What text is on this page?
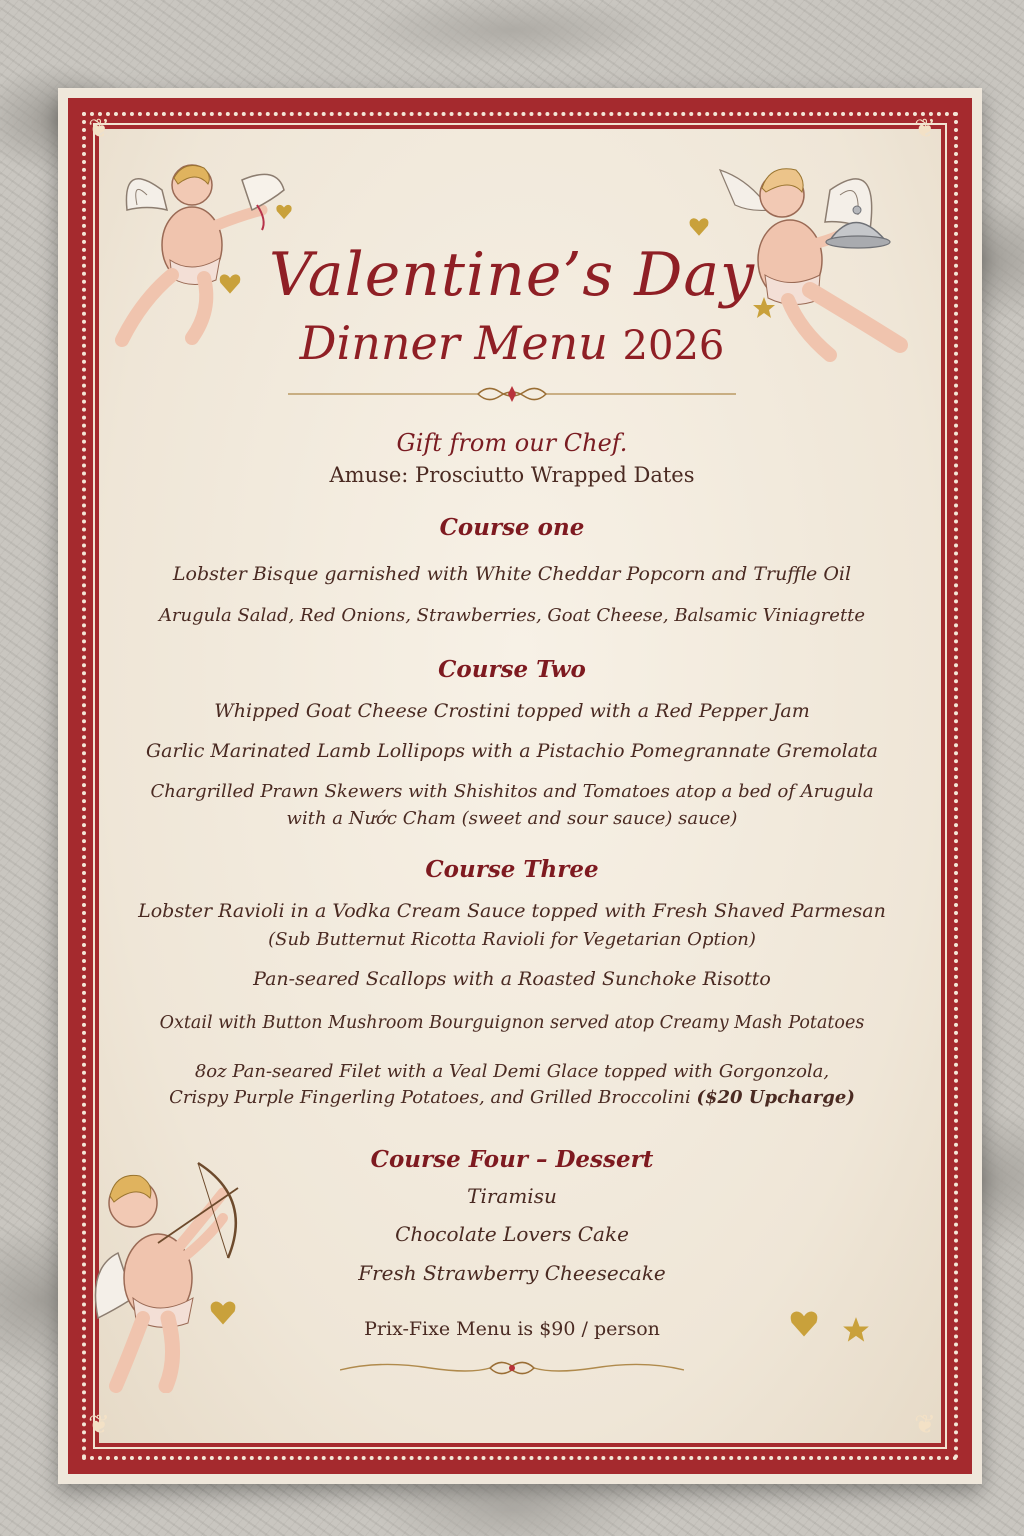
❦	❦
❦	❦
Valentine’s Day
Dinner Menu 2026
Gift from our Chef.
Amuse: Prosciutto Wrapped Dates
Course one
Lobster Bisque garnished with White Cheddar Popcorn and Truffle Oil
Arugula Salad, Red Onions, Strawberries, Goat Cheese, Balsamic Viniagrette
Course Two
Whipped Goat Cheese Crostini topped with a Red Pepper Jam
Garlic Marinated Lamb Lollipops with a Pistachio Pomegrannate Gremolata
Chargrilled Prawn Skewers with Shishitos and Tomatoes atop a bed of Arugula
with a Nước Cham (sweet and sour sauce) sauce)
Course Three
Lobster Ravioli in a Vodka Cream Sauce topped with Fresh Shaved Parmesan
(Sub Butternut Ricotta Ravioli for Vegetarian Option)
Pan-seared Scallops with a Roasted Sunchoke Risotto
Oxtail with Button Mushroom Bourguignon served atop Creamy Mash Potatoes
8oz Pan-seared Filet with a Veal Demi Glace topped with Gorgonzola,
Crispy Purple Fingerling Potatoes, and Grilled Broccolini ($20 Upcharge)
Course Four – Dessert
Tiramisu
Chocolate Lovers Cake
Fresh Strawberry Cheesecake
Prix-Fixe Menu is $90 / person
